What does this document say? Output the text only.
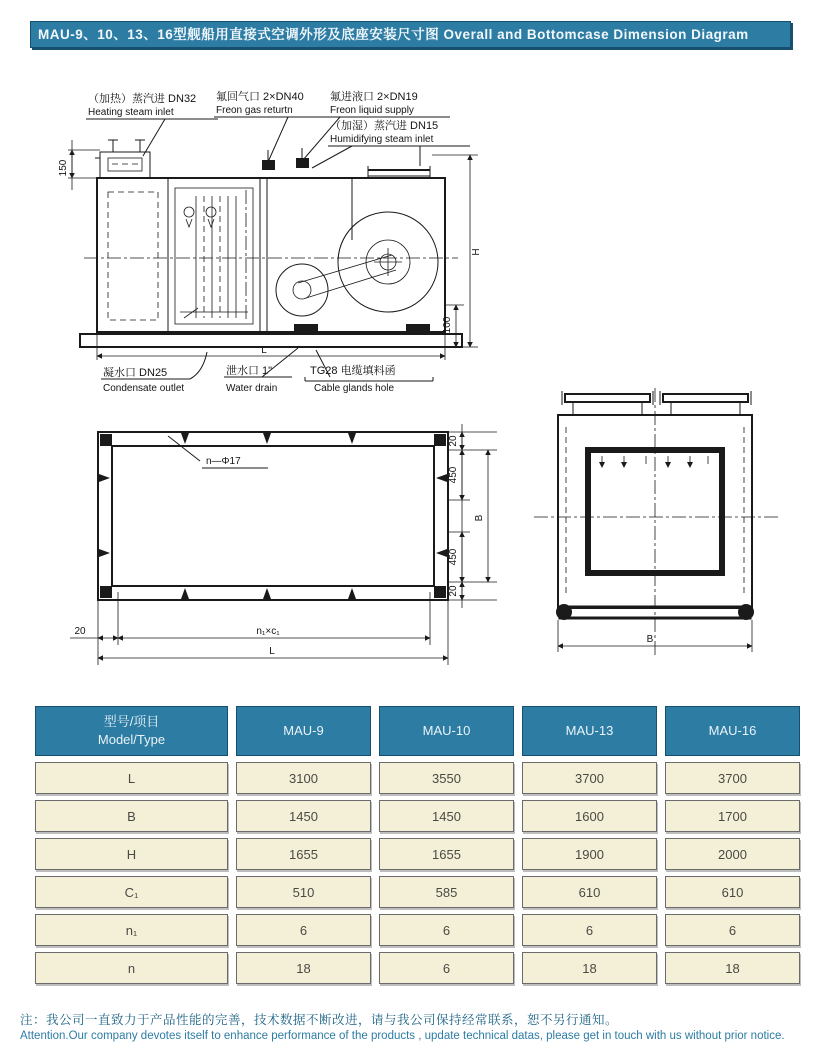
MAU-9、10、13、16型舰船用直接式空调外形及底座安装尺寸图 Overall and Bottomcase Dimension Diagram
（加热）蒸汽进 DN32
Heating steam inlet
氟回气口 2×DN40
Freon gas returtn
氟进液口 2×DN19
Freon liquid supply
（加湿）蒸汽进 DN15
Humidifying steam inlet
150
H
100
L
凝水口 DN25
Condensate outlet
泄水口 1"
Water drain
TG28 电缆填料函
Cable glands hole
n—Φ17
20
450
450
20
B
20	n₁×c₁
L
B
型号/项目
Model/Type
MAU-9	MAU-10	MAU-13	MAU-16
L	3100	3550	3700	3700
B	1450	1450	1600	1700
H	1655	1655	1900	2000
C₁	510	585	610	610
n₁	6	6	6	6
n	18	6	18	18
注：我公司一直致力于产品性能的完善，技术数据不断改进，请与我公司保持经常联系，恕不另行通知。
Attention.Our company devotes itself to enhance performance of the products , update technical datas, please get in touch with us without prior notice.
